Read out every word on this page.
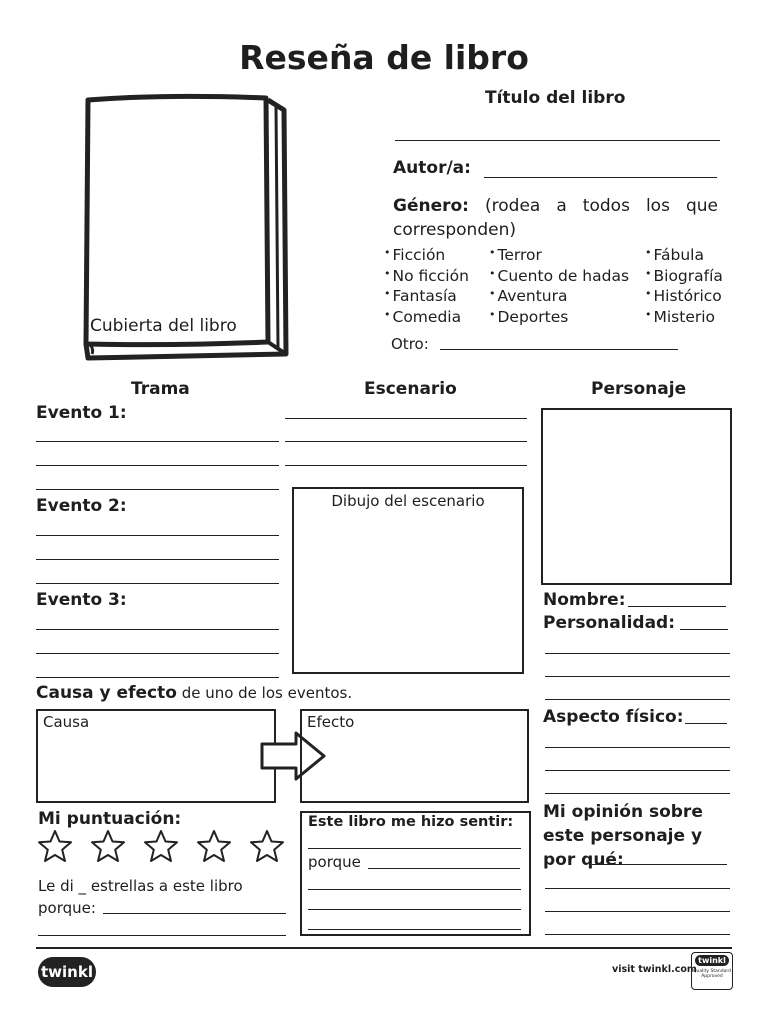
Reseña de libro
Cubierta del libro
Título del libro
Autor/a:
Género: (rodea a todos los que corresponden)
• Ficción	• Terror	• Fábula
• No ficción	• Cuento de hadas	• Biografía
• Fantasía	• Aventura	• Histórico
• Comedia	• Deportes	• Misterio
Otro:
Trama	Escenario	Personaje
Evento 1:
Evento 2:
Evento 3:
Dibujo del escenario
Nombre:
Personalidad:
Aspecto físico:
Mi opinión sobre este personaje y por qué:
Causa y efecto de uno de los eventos.
Causa	Efecto
Mi puntuación:
Le di _ estrellas a este libro
porque:
Este libro me hizo sentir:
porque
twinkl	visit twinkl.com
twinkl
Quality Standard Approved
